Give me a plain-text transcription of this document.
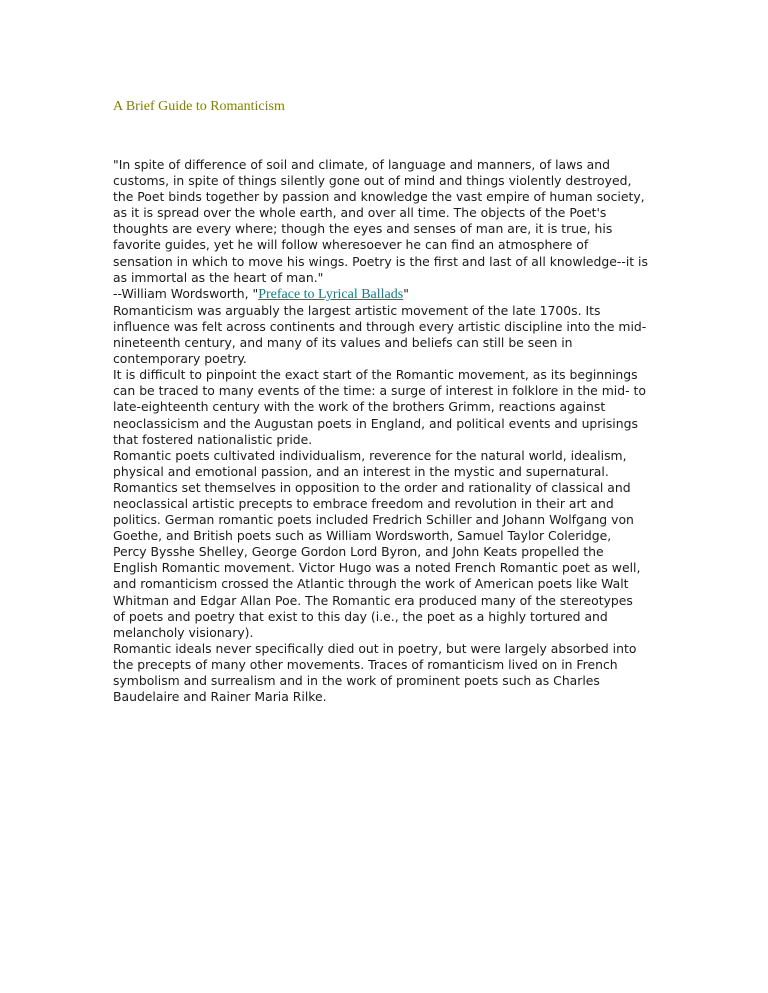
A Brief Guide to Romanticism

"In spite of difference of soil and climate, of language and manners, of laws and customs, in spite of things silently gone out of mind and things violently destroyed, the Poet binds together by passion and knowledge the vast empire of human society, as it is spread over the whole earth, and over all time. The objects of the Poet's thoughts are every where; though the eyes and senses of man are, it is true, his favorite guides, yet he will follow wheresoever he can find an atmosphere of sensation in which to move his wings. Poetry is the first and last of all knowledge--it is as immortal as the heart of man."

--William Wordsworth, "Preface to Lyrical Ballads"

Romanticism was arguably the largest artistic movement of the late 1700s. Its influence was felt across continents and through every artistic discipline into the mid-nineteenth century, and many of its values and beliefs can still be seen in contemporary poetry.

It is difficult to pinpoint the exact start of the Romantic movement, as its beginnings can be traced to many events of the time: a surge of interest in folklore in the mid- to late-eighteenth century with the work of the brothers Grimm, reactions against neoclassicism and the Augustan poets in England, and political events and uprisings that fostered nationalistic pride.

Romantic poets cultivated individualism, reverence for the natural world, idealism, physical and emotional passion, and an interest in the mystic and supernatural. Romantics set themselves in opposition to the order and rationality of classical and neoclassical artistic precepts to embrace freedom and revolution in their art and politics. German romantic poets included Fredrich Schiller and Johann Wolfgang von Goethe, and British poets such as William Wordsworth, Samuel Taylor Coleridge, Percy Bysshe Shelley, George Gordon Lord Byron, and John Keats propelled the English Romantic movement. Victor Hugo was a noted French Romantic poet as well, and romanticism crossed the Atlantic through the work of American poets like Walt Whitman and Edgar Allan Poe. The Romantic era produced many of the stereotypes of poets and poetry that exist to this day (i.e., the poet as a highly tortured and melancholy visionary).

Romantic ideals never specifically died out in poetry, but were largely absorbed into the precepts of many other movements. Traces of romanticism lived on in French symbolism and surrealism and in the work of prominent poets such as Charles Baudelaire and Rainer Maria Rilke.
